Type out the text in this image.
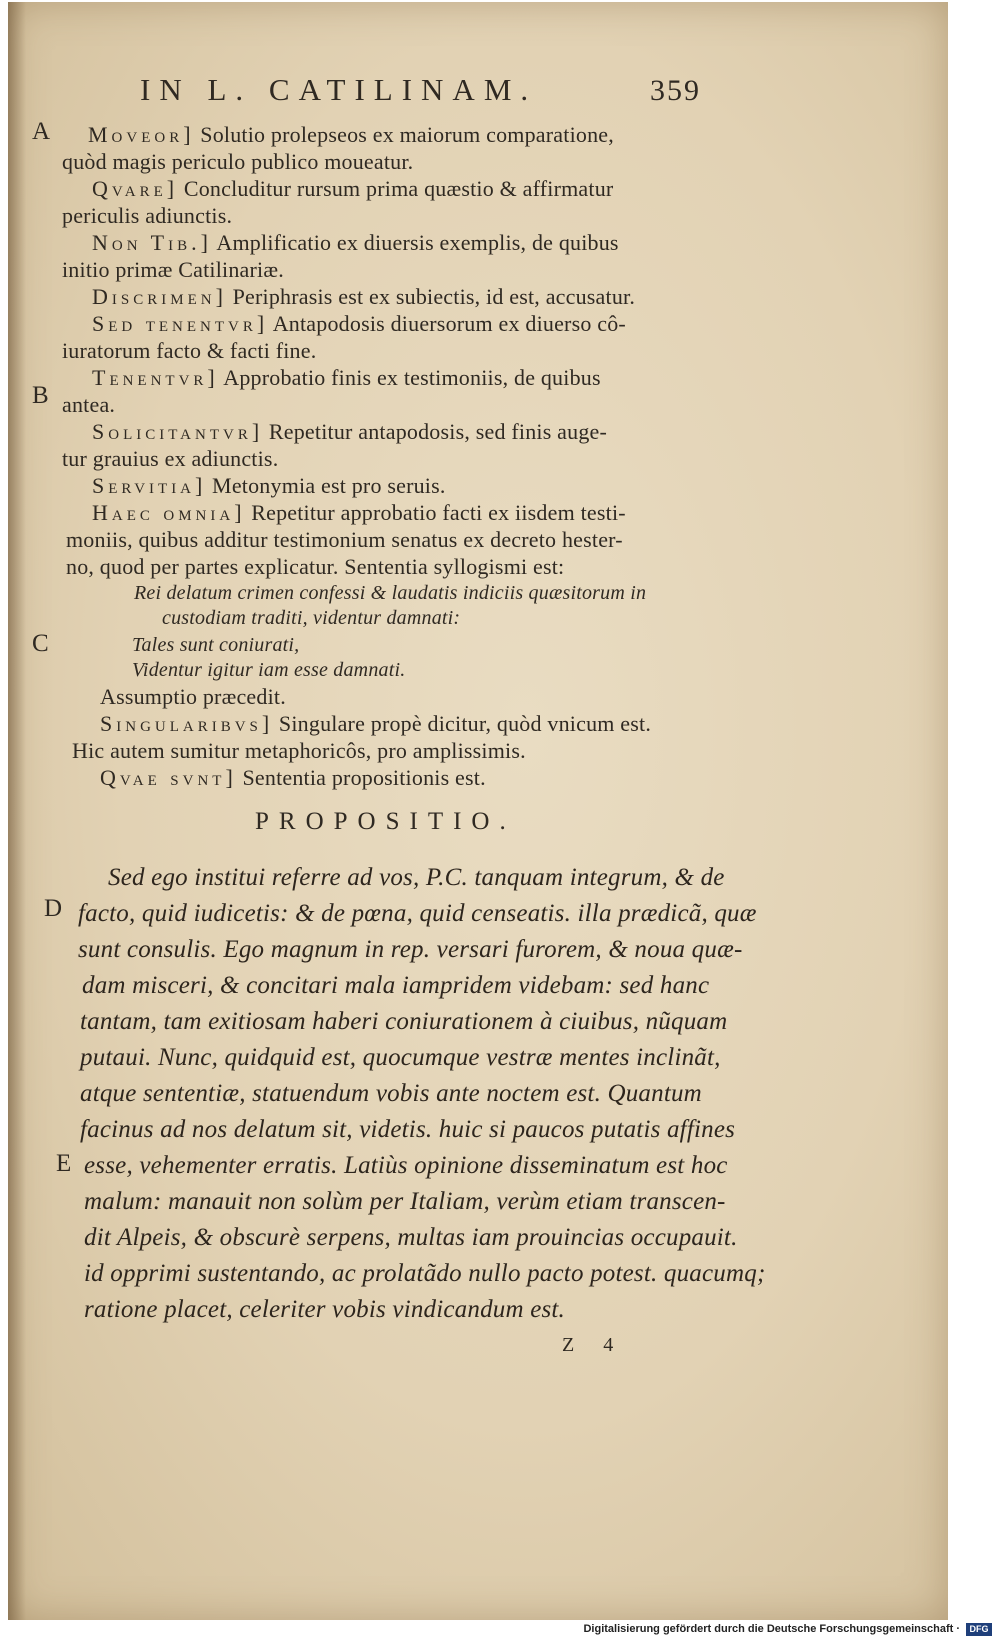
IN L. CATILINAM.	359
A
B
C
D
E
Moveor] Solutio prolepseos ex maiorum comparatione,
quòd magis periculo publico moueatur.
Qvare] Concluditur rursum prima quæstio & affirmatur
periculis adiunctis.
Non Tib.] Amplificatio ex diuersis exemplis, de quibus
initio primæ Catilinariæ.
Discrimen] Periphrasis est ex subiectis, id est, accusatur.
Sed tenentvr] Antapodosis diuersorum ex diuerso cô-
iuratorum facto & facti fine.
Tenentvr] Approbatio finis ex testimoniis, de quibus
antea.
Solicitantvr] Repetitur antapodosis, sed finis auge-
tur grauius ex adiunctis.
Servitia] Metonymia est pro seruis.
Haec omnia] Repetitur approbatio facti ex iisdem testi-
moniis, quibus additur testimonium senatus ex decreto hester-
no, quod per partes explicatur. Sententia syllogismi est:
Rei delatum crimen confessi & laudatis indiciis quæsitorum in
custodiam traditi, videntur damnati:
Tales sunt coniurati,
Videntur igitur iam esse damnati.
Assumptio præcedit.
Singularibvs] Singulare propè dicitur, quòd vnicum est.
Hic autem sumitur metaphoricôs, pro amplissimis.
Qvae svnt] Sententia propositionis est.
PROPOSITIO.
Sed ego institui referre ad vos, P.C. tanquam integrum, & de
facto, quid iudicetis: & de pœna, quid censeatis. illa prædicã, quæ
sunt consulis. Ego magnum in rep. versari furorem, & noua quæ-
dam misceri, & concitari mala iampridem videbam: sed hanc
tantam, tam exitiosam haberi coniurationem à ciuibus, nũquam
putaui. Nunc, quidquid est, quocumque vestræ mentes inclinãt,
atque sententiæ, statuendum vobis ante noctem est. Quantum
facinus ad nos delatum sit, videtis. huic si paucos putatis affines
esse, vehementer erratis. Latiùs opinione disseminatum est hoc
malum: manauit non solùm per Italiam, verùm etiam transcen-
dit Alpeis, & obscurè serpens, multas iam prouincias occupauit.
id opprimi sustentando, ac prolatãdo nullo pacto potest. quacumq;
ratione placet, celeriter vobis vindicandum est.
Z 4
Digitalisierung gefördert durch die Deutsche Forschungsgemeinschaft ·	DFG
